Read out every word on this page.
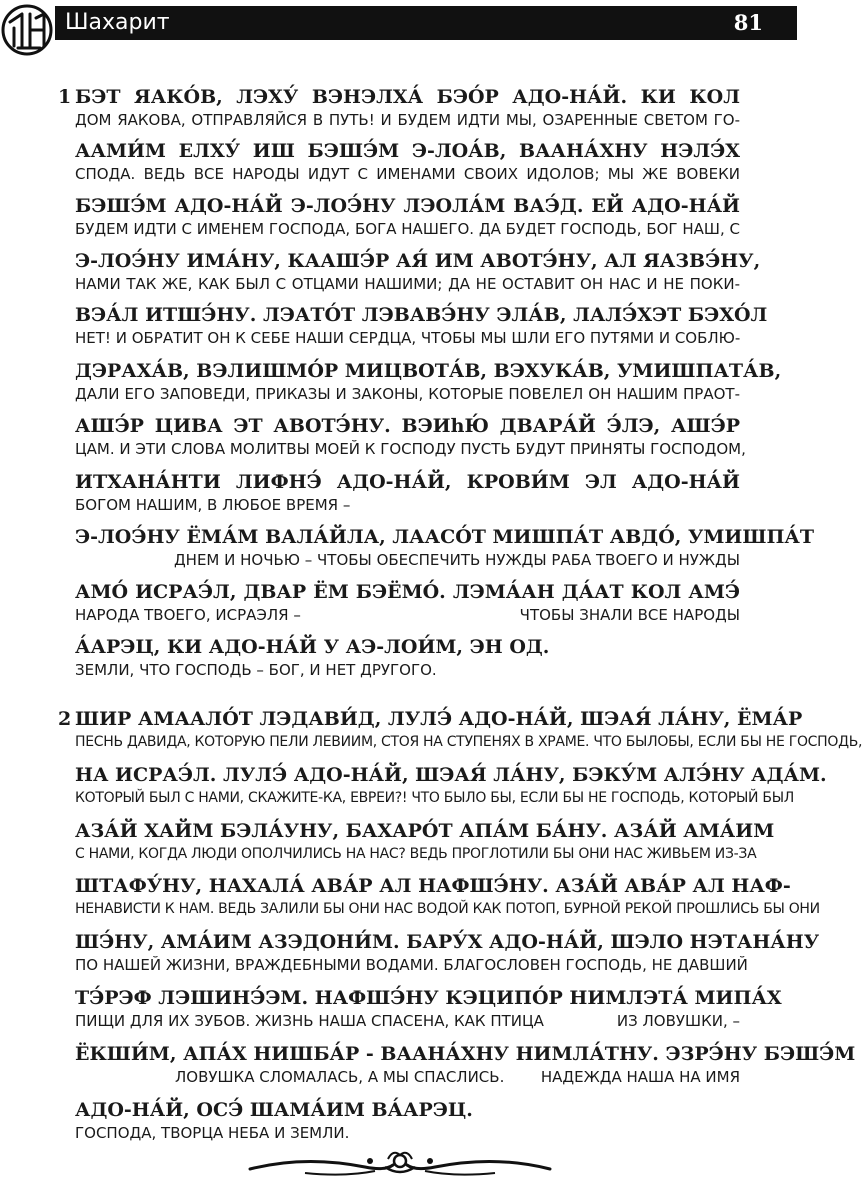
Шахарит	81
1 БЭТ ЯАКО́В, ЛЭХУ́ ВЭНЭЛХА́ БЭО́Р АДО-НА́Й. КИ КОЛ
ДОМ ЯАКОВА, ОТПРАВЛЯЙСЯ В ПУТЬ! И БУДЕМ ИДТИ МЫ, ОЗАРЕННЫЕ СВЕТОМ ГО-
ААМИ́М ЕЛХУ́ ИШ БЭШЭ́М Э-ЛОА́В, ВААНА́ХНУ НЭЛЭ́Х
СПОДА. ВЕДЬ ВСЕ НАРОДЫ ИДУТ С ИМЕНАМИ СВОИХ ИДОЛОВ; МЫ ЖЕ ВОВЕКИ
БЭШЭ́М АДО-НА́Й Э-ЛОЭ́НУ ЛЭОЛА́М ВАЭ́Д. ЕЙ АДО-НА́Й
БУДЕМ ИДТИ С ИМЕНЕМ ГОСПОДА, БОГА НАШЕГО. ДА БУДЕТ ГОСПОДЬ, БОГ НАШ, С
Э-ЛОЭ́НУ ИМА́НУ, КААШЭ́Р АЯ́ ИМ АВОТЭ́НУ, АЛ ЯАЗВЭ́НУ,
НАМИ ТАК ЖЕ, КАК БЫЛ С ОТЦАМИ НАШИМИ; ДА НЕ ОСТАВИТ ОН НАС И НЕ ПОКИ-
ВЭА́Л ИТШЭ́НУ. ЛЭАТО́Т ЛЭВАВЭ́НУ ЭЛА́В, ЛАЛЭ́ХЭТ БЭХО́Л
НЕТ! И ОБРАТИТ ОН К СЕБЕ НАШИ СЕРДЦА, ЧТОБЫ МЫ ШЛИ ЕГО ПУТЯМИ И СОБЛЮ-
ДЭРАХА́В, ВЭЛИШМО́Р МИЦВОТА́В, ВЭХУКА́В, УМИШПАТА́В,
ДАЛИ ЕГО ЗАПОВЕДИ, ПРИКАЗЫ И ЗАКОНЫ, КОТОРЫЕ ПОВЕЛЕЛ ОН НАШИМ ПРАОТ-
АШЭ́Р ЦИВА ЭТ АВОТЭ́НУ. ВЭИһЮ́ ДВАРА́Й Э́ЛЭ, АШЭ́Р
ЦАМ. И ЭТИ СЛОВА МОЛИТВЫ МОЕЙ К ГОСПОДУ ПУСТЬ БУДУТ ПРИНЯТЫ ГОСПОДОМ,
ИТХАНА́НТИ ЛИФНЭ́ АДО-НА́Й, КРОВИ́М ЭЛ АДО-НА́Й
БОГОМ НАШИМ, В ЛЮБОЕ ВРЕМЯ –
Э-ЛОЭ́НУ ЁМА́М ВАЛА́ЙЛА, ЛААСО́Т МИШПА́Т АВДО́, УМИШПА́Т
ДНЕМ И НОЧЬЮ – ЧТОБЫ ОБЕСПЕЧИТЬ НУЖДЫ РАБА ТВОЕГО И НУЖДЫ
АМО́ ИСРАЭ́Л, ДВАР ЁМ БЭЁМО́. ЛЭМА́АН ДА́АТ КОЛ АМЭ́
НАРОДА ТВОЕГО, ИСРАЭЛЯ –	ЧТОБЫ ЗНАЛИ ВСЕ НАРОДЫ
А́АРЭЦ, КИ АДО-НА́Й У АЭ-ЛОИ́М, ЭН ОД.
ЗЕМЛИ, ЧТО ГОСПОДЬ – БОГ, И НЕТ ДРУГОГО.
2 ШИР АМААЛО́Т ЛЭДАВИ́Д, ЛУЛЭ́ АДО-НА́Й, ШЭАЯ́ ЛА́НУ, ЁМА́Р
ПЕСНЬ ДАВИДА, КОТОРУЮ ПЕЛИ ЛЕВИИМ, СТОЯ НА СТУПЕНЯХ В ХРАМЕ. ЧТО БЫЛО БЫ, ЕСЛИ БЫ НЕ ГОСПОДЬ,
НА ИСРАЭ́Л. ЛУЛЭ́ АДО-НА́Й, ШЭАЯ́ ЛА́НУ, БЭКУ́М АЛЭ́НУ АДА́М.
КОТОРЫЙ БЫЛ С НАМИ, СКАЖИТЕ-КА, ЕВРЕИ?! ЧТО БЫЛО БЫ, ЕСЛИ БЫ НЕ ГОСПОДЬ, КОТОРЫЙ БЫЛ
АЗА́Й ХАЙМ БЭЛА́УНУ, БАХАРО́Т АПА́М БА́НУ. АЗА́Й АМА́ИМ
С НАМИ, КОГДА ЛЮДИ ОПОЛЧИЛИСЬ НА НАС? ВЕДЬ ПРОГЛОТИЛИ БЫ ОНИ НАС ЖИВЬЕМ ИЗ-ЗА
ШТАФУ́НУ, НАХАЛА́ АВА́Р АЛ НАФШЭ́НУ. АЗА́Й АВА́Р АЛ НАФ-
НЕНАВИСТИ К НАМ. ВЕДЬ ЗАЛИЛИ БЫ ОНИ НАС ВОДОЙ КАК ПОТОП, БУРНОЙ РЕКОЙ ПРОШЛИСЬ БЫ ОНИ
ШЭ́НУ, АМА́ИМ АЗЭДОНИ́М. БАРУ́Х АДО-НА́Й, ШЭЛО НЭТАНА́НУ
ПО НАШЕЙ ЖИЗНИ, ВРАЖДЕБНЫМИ ВОДАМИ. БЛАГОСЛОВЕН ГОСПОДЬ, НЕ ДАВШИЙ
ТЭ́РЭФ ЛЭШИНЭ́ЭМ. НАФШЭ́НУ КЭЦИПО́Р НИМЛЭТА́ МИПА́Х
ПИЩИ ДЛЯ ИХ ЗУБОВ. ЖИЗНЬ НАША СПАСЕНА, КАК ПТИЦА	ИЗ ЛОВУШКИ, –
ЁКШИ́М, АПА́Х НИШБА́Р - ВААНА́ХНУ НИМЛА́ТНУ. ЭЗРЭ́НУ БЭШЭ́М
ЛОВУШКА СЛОМАЛАСЬ, А МЫ СПАСЛИСЬ. НАДЕЖДА НАША НА ИМЯ
АДО-НА́Й, ОСЭ́ ШАМА́ИМ ВА́АРЭЦ.
ГОСПОДА, ТВОРЦА НЕБА И ЗЕМЛИ.
